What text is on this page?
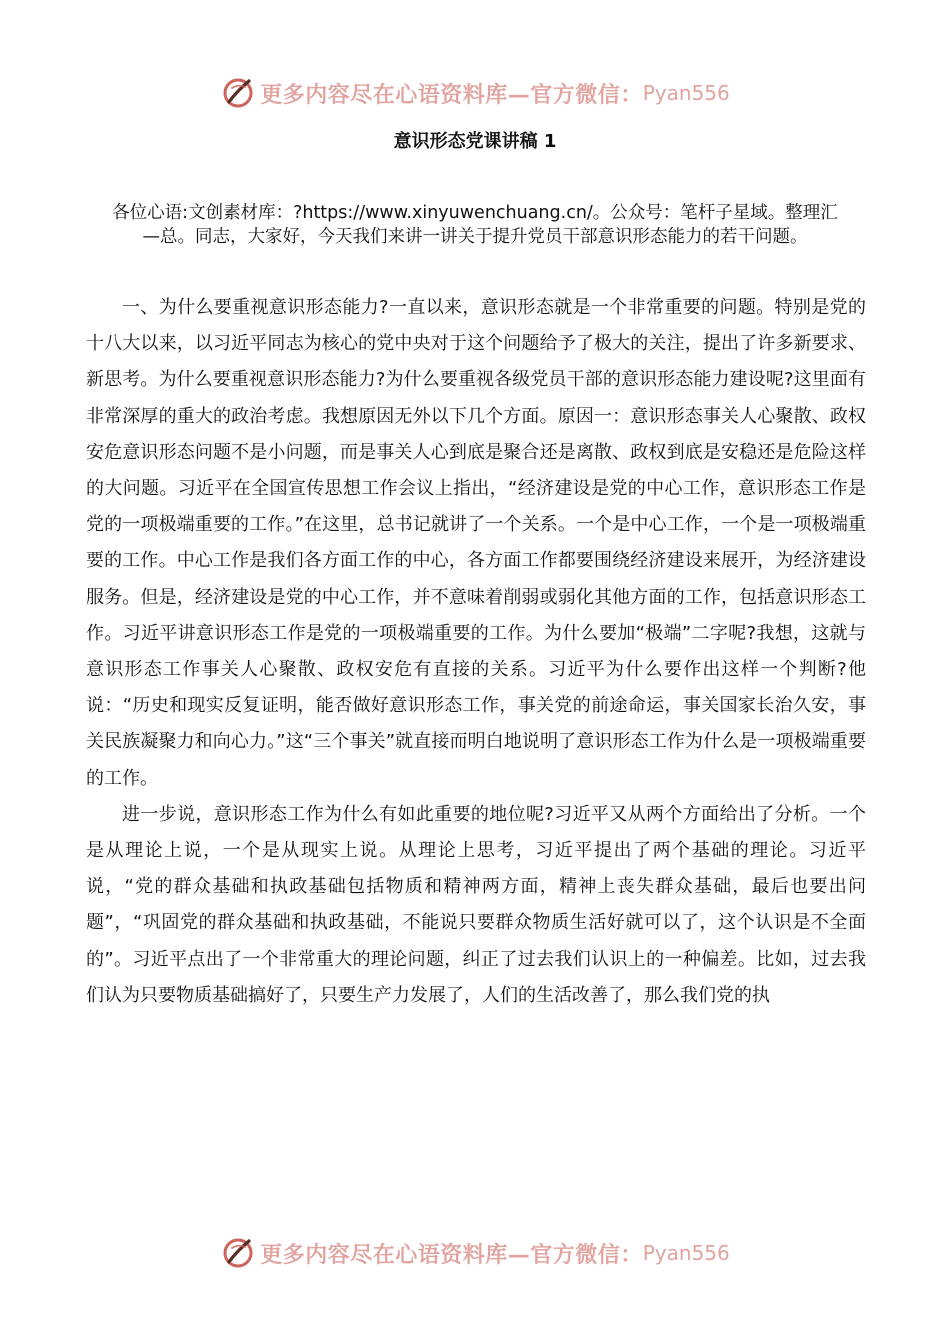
更多内容尽在心语资料库—官方微信： Pyan556
意识形态党课讲稿 1
各位心语:文创素材库：?https://www.xinyuwenchuang.cn/。公众号：笔杆子星域。整理汇—总。同志，大家好，今天我们来讲一讲关于提升党员干部意识形态能力的若干问题。

一、为什么要重视意识形态能力?一直以来，意识形态就是一个非常重要的问题。特别是党的十八大以来，以习近平同志为核心的党中央对于这个问题给予了极大的关注，提出了许多新要求、新思考。为什么要重视意识形态能力?为什么要重视各级党员干部的意识形态能力建设呢?这里面有非常深厚的重大的政治考虑。我想原因无外以下几个方面。原因一：意识形态事关人心聚散、政权安危意识形态问题不是小问题，而是事关人心到底是聚合还是离散、政权到底是安稳还是危险这样的大问题。习近平在全国宣传思想工作会议上指出，“经济建设是党的中心工作，意识形态工作是党的一项极端重要的工作。”在这里，总书记就讲了一个关系。一个是中心工作，一个是一项极端重要的工作。中心工作是我们各方面工作的中心，各方面工作都要围绕经济建设来展开，为经济建设服务。但是，经济建设是党的中心工作，并不意味着削弱或弱化其他方面的工作，包括意识形态工作。习近平讲意识形态工作是党的一项极端重要的工作。为什么要加“极端”二字呢?我想，这就与意识形态工作事关人心聚散、政权安危有直接的关系。习近平为什么要作出这样一个判断?他说：“历史和现实反复证明，能否做好意识形态工作，事关党的前途命运，事关国家长治久安，事关民族凝聚力和向心力。”这“三个事关”就直接而明白地说明了意识形态工作为什么是一项极端重要的工作。

进一步说，意识形态工作为什么有如此重要的地位呢?习近平又从两个方面给出了分析。一个是从理论上说，一个是从现实上说。从理论上思考，习近平提出了两个基础的理论。习近平说，“党的群众基础和执政基础包括物质和精神两方面，精神上丧失群众基础，最后也要出问题”，“巩固党的群众基础和执政基础，不能说只要群众物质生活好就可以了，这个认识是不全面的”。习近平点出了一个非常重大的理论问题，纠正了过去我们认识上的一种偏差。比如，过去我们认为只要物质基础搞好了，只要生产力发展了，人们的生活改善了，那么我们党的执

更多内容尽在心语资料库—官方微信： Pyan556
